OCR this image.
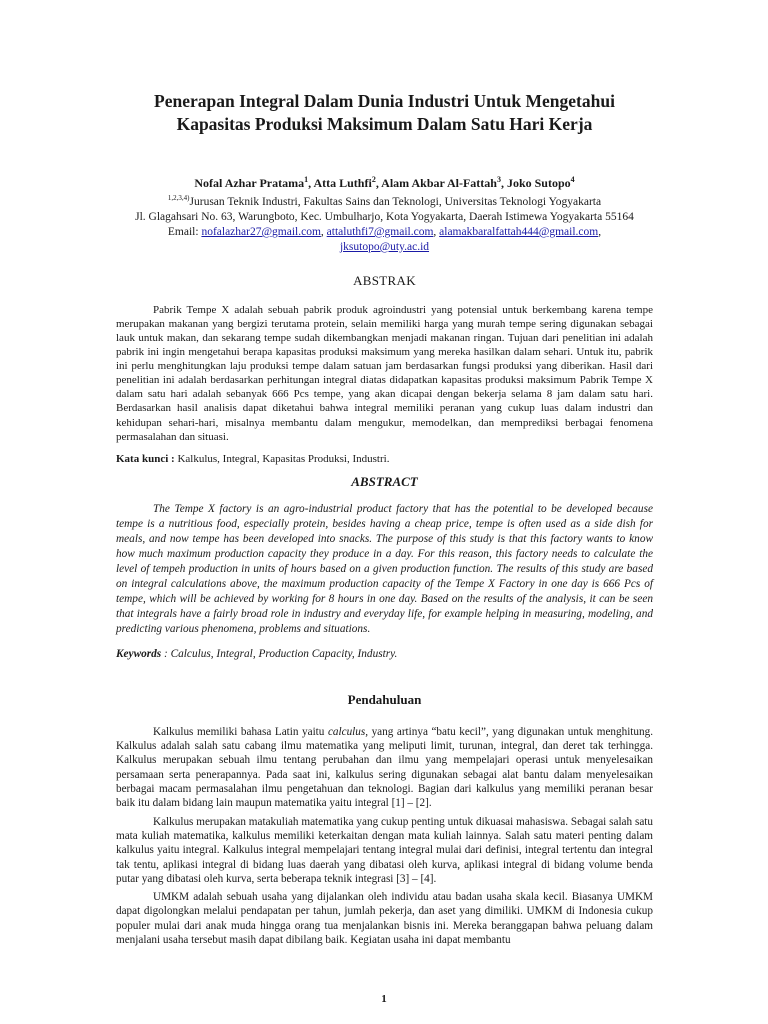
Penerapan Integral Dalam Dunia Industri Untuk Mengetahui
Kapasitas Produksi Maksimum Dalam Satu Hari Kerja
Nofal Azhar Pratama$^1$, Atta Luthfi$^2$, Alam Akbar Al-Fattah$^3$, Joko Sutopo$^4$
$^{1,2,3,4)}$Jurusan Teknik Industri, Fakultas Sains dan Teknologi, Universitas Teknologi Yogyakarta
Jl. Glagahsari No. 63, Warungboto, Kec. Umbulharjo, Kota Yogyakarta, Daerah Istimewa Yogyakarta 55164
Email: nofalazhar27@gmail.com, attaluthfi7@gmail.com, alamakbaralfattah444@gmail.com,
jksutopo@uty.ac.id
ABSTRAK

Pabrik Tempe X adalah sebuah pabrik produk agroindustri yang potensial untuk berkembang karena tempe merupakan makanan yang bergizi terutama protein, selain memiliki harga yang murah tempe sering digunakan sebagai lauk untuk makan, dan sekarang tempe sudah dikembangkan menjadi makanan ringan. Tujuan dari penelitian ini adalah pabrik ini ingin mengetahui berapa kapasitas produksi maksimum yang mereka hasilkan dalam sehari. Untuk itu, pabrik ini perlu menghitungkan laju produksi tempe dalam satuan jam berdasarkan fungsi produksi yang diberikan. Hasil dari penelitian ini adalah berdasarkan perhitungan integral diatas didapatkan kapasitas produksi maksimum Pabrik Tempe X dalam satu hari adalah sebanyak 666 Pcs tempe, yang akan dicapai dengan bekerja selama 8 jam dalam satu hari. Berdasarkan hasil analisis dapat diketahui bahwa integral memiliki peranan yang cukup luas dalam industri dan kehidupan sehari-hari, misalnya membantu dalam mengukur, memodelkan, dan memprediksi berbagai fenomena permasalahan dan situasi.

Kata kunci : Kalkulus, Integral, Kapasitas Produksi, Industri.

ABSTRACT

The Tempe X factory is an agro-industrial product factory that has the potential to be developed because tempe is a nutritious food, especially protein, besides having a cheap price, tempe is often used as a side dish for meals, and now tempe has been developed into snacks. The purpose of this study is that this factory wants to know how much maximum production capacity they produce in a day. For this reason, this factory needs to calculate the level of tempeh production in units of hours based on a given production function. The results of this study are based on integral calculations above, the maximum production capacity of the Tempe X Factory in one day is 666 Pcs of tempe, which will be achieved by working for 8 hours in one day. Based on the results of the analysis, it can be seen that integrals have a fairly broad role in industry and everyday life, for example helping in measuring, modeling, and predicting various phenomena, problems and situations.

Keywords : Calculus, Integral, Production Capacity, Industry.

Pendahuluan

Kalkulus memiliki bahasa Latin yaitu calculus, yang artinya “batu kecil”, yang digunakan untuk menghitung. Kalkulus adalah salah satu cabang ilmu matematika yang meliputi limit, turunan, integral, dan deret tak terhingga. Kalkulus merupakan sebuah ilmu tentang perubahan dan ilmu yang mempelajari operasi untuk menyelesaikan persamaan serta penerapannya. Pada saat ini, kalkulus sering digunakan sebagai alat bantu dalam menyelesaikan berbagai macam permasalahan ilmu pengetahuan dan teknologi. Bagian dari kalkulus yang memiliki peranan besar baik itu dalam bidang lain maupun matematika yaitu integral [1] – [2].

Kalkulus merupakan matakuliah matematika yang cukup penting untuk dikuasai mahasiswa. Sebagai salah satu mata kuliah matematika, kalkulus memiliki keterkaitan dengan mata kuliah lainnya. Salah satu materi penting dalam kalkulus yaitu integral. Kalkulus integral mempelajari tentang integral mulai dari definisi, integral tertentu dan integral tak tentu, aplikasi integral di bidang luas daerah yang dibatasi oleh kurva, aplikasi integral di bidang volume benda putar yang dibatasi oleh kurva, serta beberapa teknik integrasi [3] – [4].

UMKM adalah sebuah usaha yang dijalankan oleh individu atau badan usaha skala kecil. Biasanya UMKM dapat digolongkan melalui pendapatan per tahun, jumlah pekerja, dan aset yang dimiliki. UMKM di Indonesia cukup populer mulai dari anak muda hingga orang tua menjalankan bisnis ini. Mereka beranggapan bahwa peluang dalam menjalani usaha tersebut masih dapat dibilang baik. Kegiatan usaha ini dapat membantu

1
